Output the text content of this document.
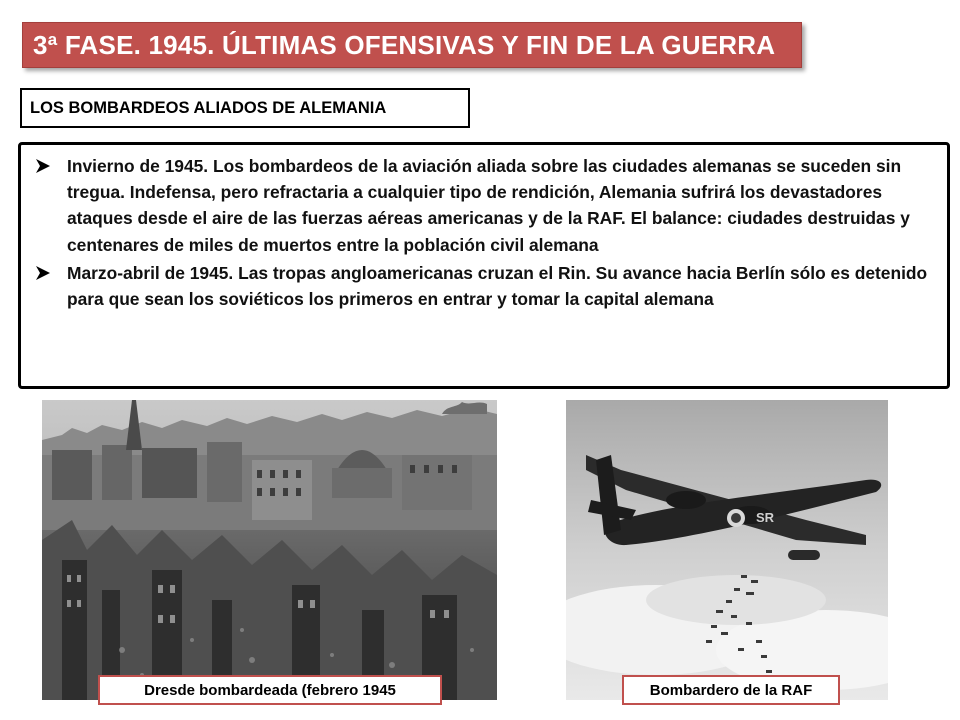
3ª FASE. 1945. ÚLTIMAS OFENSIVAS Y FIN DE LA GUERRA
LOS BOMBARDEOS ALIADOS DE ALEMANIA
Invierno de 1945. Los bombardeos de la aviación aliada sobre las ciudades alemanas se suceden sin tregua. Indefensa, pero refractaria a cualquier tipo de rendición, Alemania sufrirá los devastadores ataques desde el aire de las fuerzas aéreas americanas y de la RAF. El balance: ciudades destruidas y centenares de miles de muertos entre la población civil alemana
Marzo-abril de 1945. Las tropas angloamericanas cruzan el Rin. Su avance hacia Berlín sólo es detenido para que sean los soviéticos los primeros en entrar y tomar la capital alemana
SR
Dresde bombardeada (febrero 1945	Bombardero de la RAF
